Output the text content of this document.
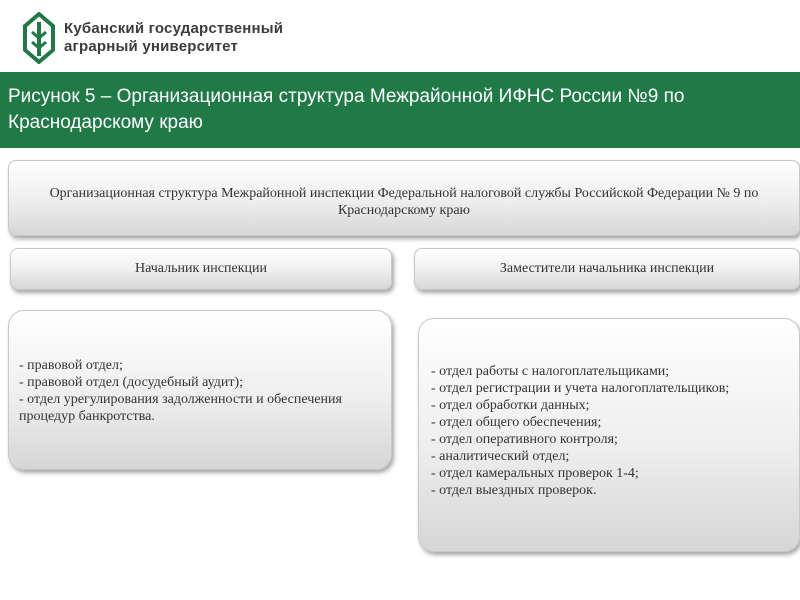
Кубанский государственный
аграрный университет
Рисунок 5 – Организационная структура Межрайонной ИФНС России №9 по Краснодарскому краю
Организационная структура Межрайонной инспекции Федеральной налоговой службы Российской Федерации № 9 по Краснодарскому краю
Начальник инспекции	Заместители начальника инспекции
- правовой отдел;
- правовой отдел (досудебный аудит);
- отдел урегулирования задолженности и обеспечения процедур банкротства.
- отдел работы с налогоплательщиками;
- отдел регистрации и учета налогоплательщиков;
- отдел обработки данных;
- отдел общего обеспечения;
- отдел оперативного контроля;
- аналитический отдел;
- отдел камеральных проверок 1-4;
- отдел выездных проверок.
